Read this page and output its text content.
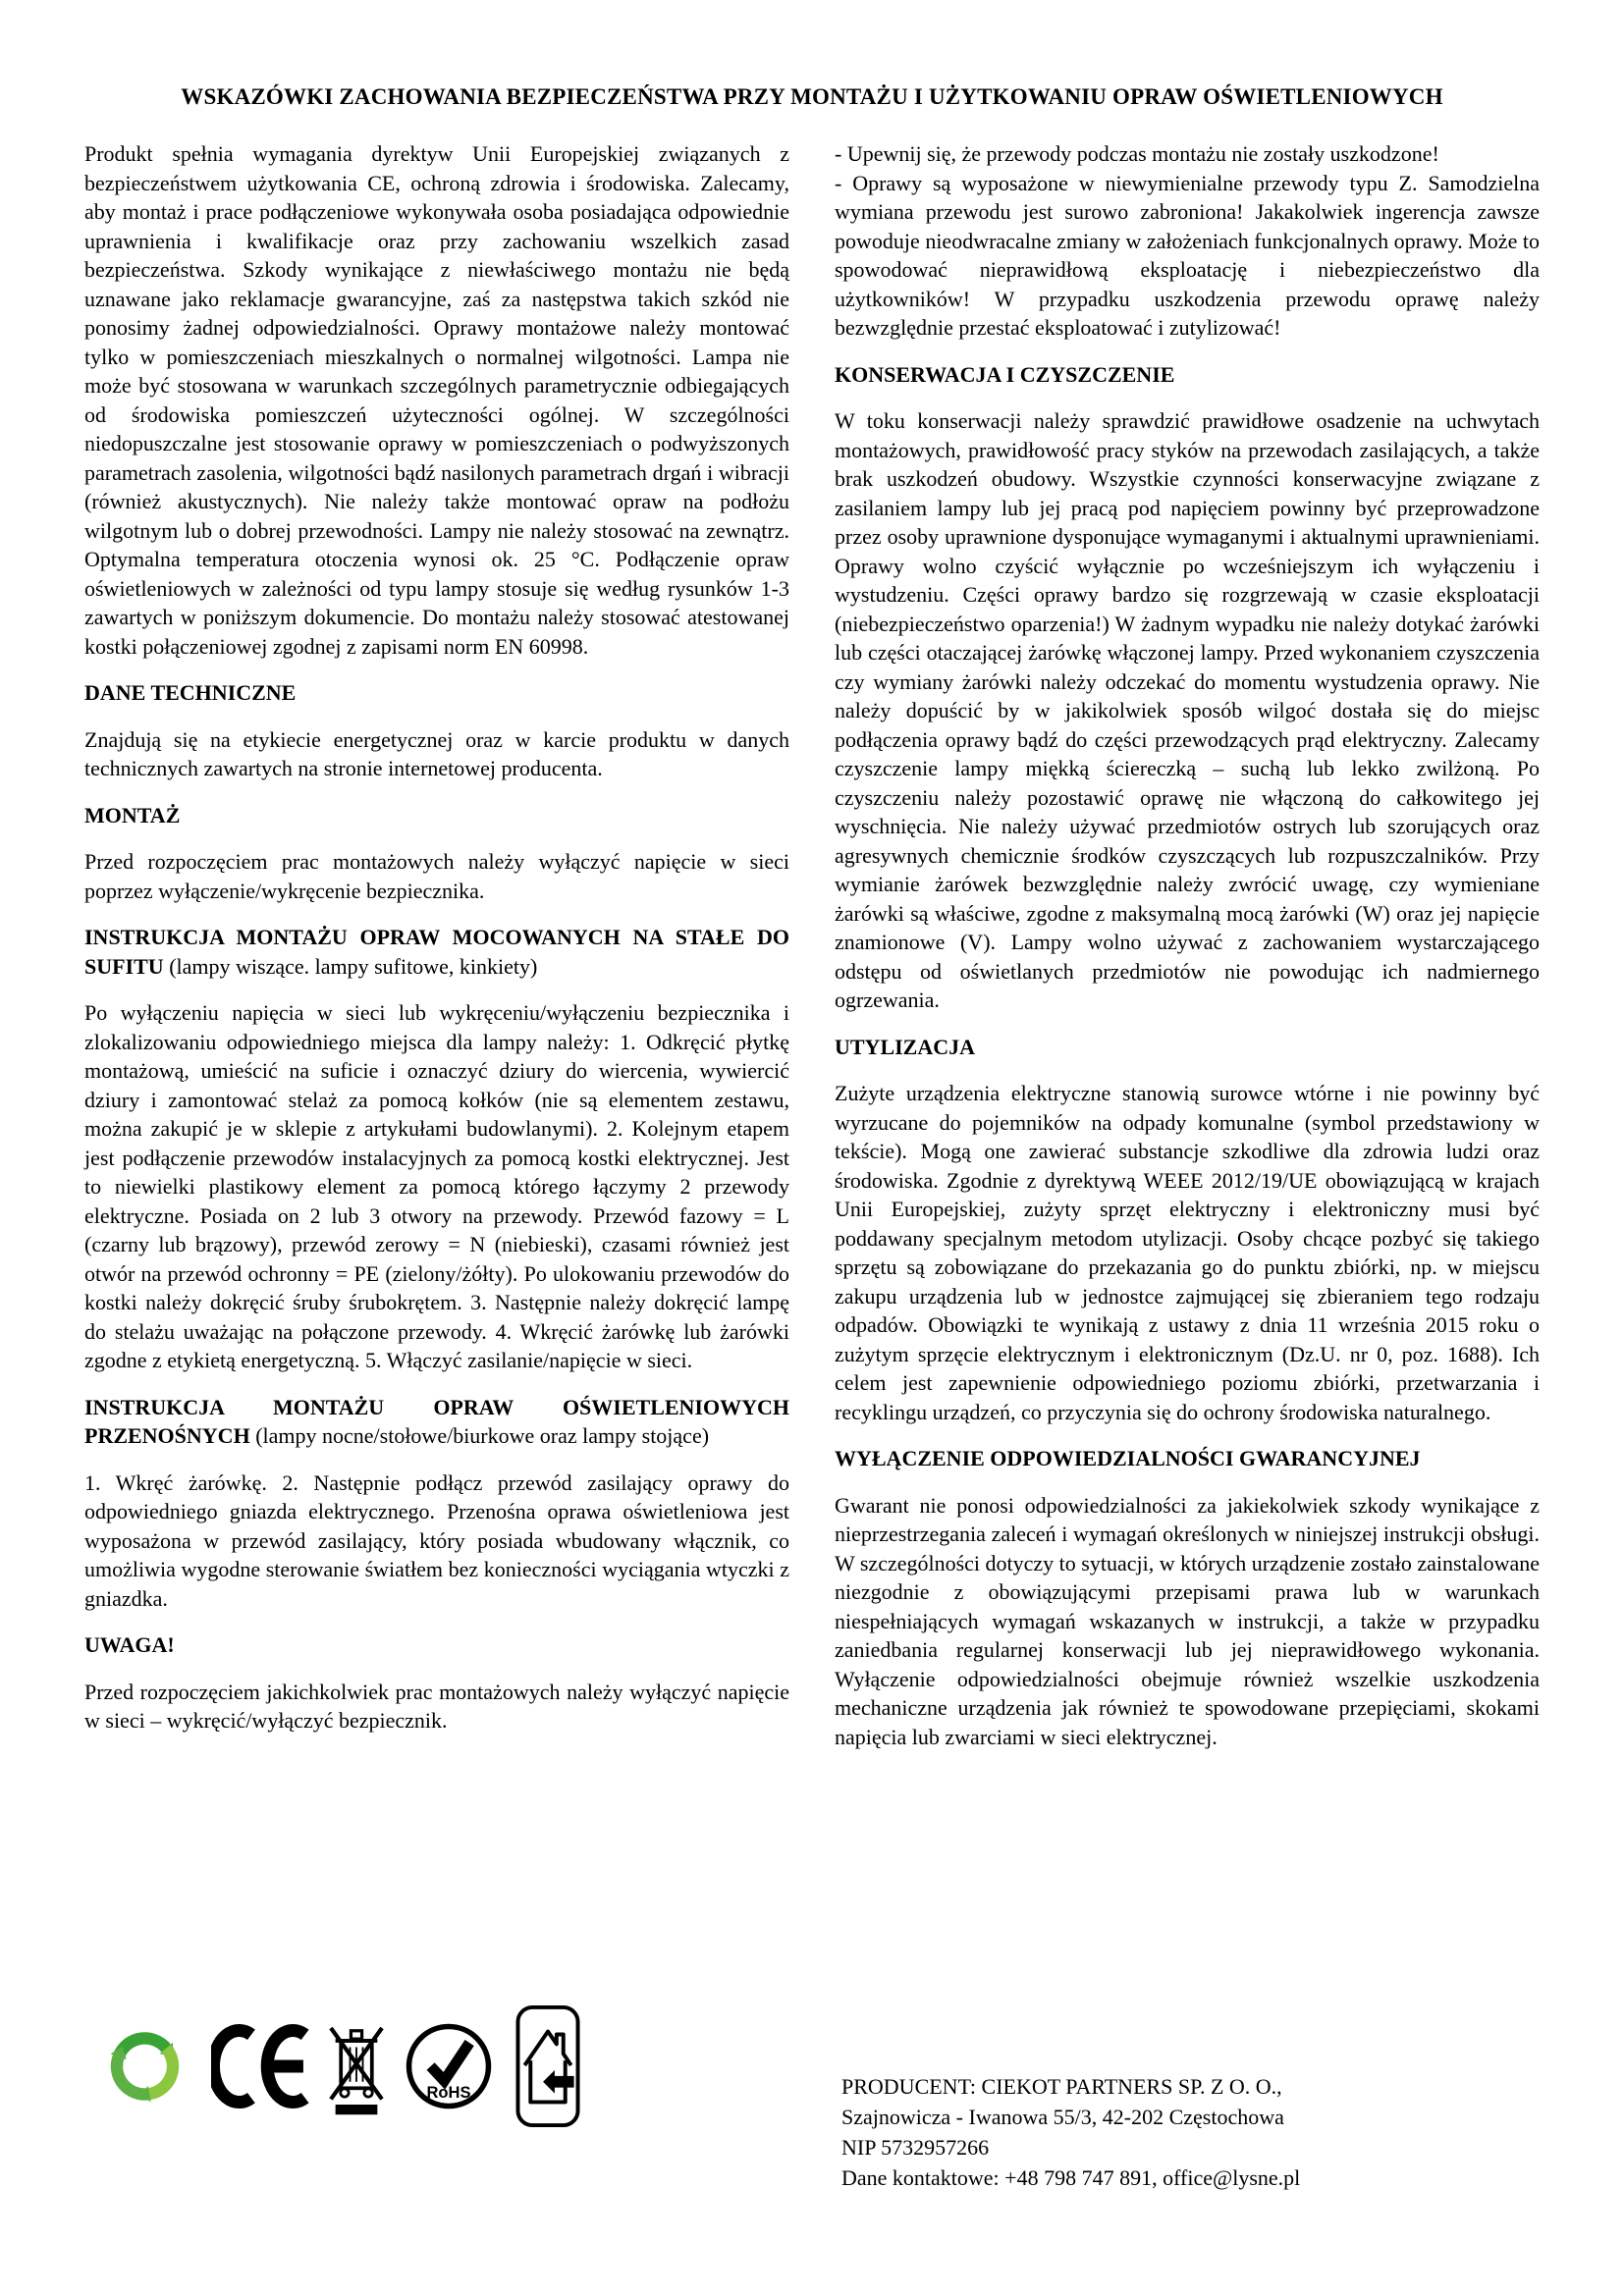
WSKAZÓWKI ZACHOWANIA BEZPIECZEŃSTWA PRZY MONTAŻU I UŻYTKOWANIU OPRAW OŚWIETLENIOWYCH

Produkt spełnia wymagania dyrektyw Unii Europejskiej związanych z bezpieczeństwem użytkowania CE, ochroną zdrowia i środowiska. Zalecamy, aby montaż i prace podłączeniowe wykonywała osoba posiadająca odpowiednie uprawnienia i kwalifikacje oraz przy zachowaniu wszelkich zasad bezpieczeństwa. Szkody wynikające z niewłaściwego montażu nie będą uznawane jako reklamacje gwarancyjne, zaś za następstwa takich szkód nie ponosimy żadnej odpowiedzialności. Oprawy montażowe należy montować tylko w pomieszczeniach mieszkalnych o normalnej wilgotności. Lampa nie może być stosowana w warunkach szczególnych parametrycznie odbiegających od środowiska pomieszczeń użyteczności ogólnej. W szczególności niedopuszczalne jest stosowanie oprawy w pomieszczeniach o podwyższonych parametrach zasolenia, wilgotności bądź nasilonych parametrach drgań i wibracji (również akustycznych). Nie należy także montować opraw na podłożu wilgotnym lub o dobrej przewodności. Lampy nie należy stosować na zewnątrz. Optymalna temperatura otoczenia wynosi ok. 25 °C. Podłączenie opraw oświetleniowych w zależności od typu lampy stosuje się według rysunków 1-3 zawartych w poniższym dokumencie. Do montażu należy stosować atestowanej kostki połączeniowej zgodnej z zapisami norm EN 60998.

DANE TECHNICZNE

Znajdują się na etykiecie energetycznej oraz w karcie produktu w danych technicznych zawartych na stronie internetowej producenta.

MONTAŻ

Przed rozpoczęciem prac montażowych należy wyłączyć napięcie w sieci poprzez wyłączenie/wykręcenie bezpiecznika.

INSTRUKCJA MONTAŻU OPRAW MOCOWANYCH NA STAŁE DO SUFITU (lampy wiszące. lampy sufitowe, kinkiety)

Po wyłączeniu napięcia w sieci lub wykręceniu/wyłączeniu bezpiecznika i zlokalizowaniu odpowiedniego miejsca dla lampy należy: 1. Odkręcić płytkę montażową, umieścić na suficie i oznaczyć dziury do wiercenia, wywiercić dziury i zamontować stelaż za pomocą kołków (nie są elementem zestawu, można zakupić je w sklepie z artykułami budowlanymi). 2. Kolejnym etapem jest podłączenie przewodów instalacyjnych za pomocą kostki elektrycznej. Jest to niewielki plastikowy element za pomocą którego łączymy 2 przewody elektryczne. Posiada on 2 lub 3 otwory na przewody. Przewód fazowy = L (czarny lub brązowy), przewód zerowy = N (niebieski), czasami również jest otwór na przewód ochronny = PE (zielony/żółty). Po ulokowaniu przewodów do kostki należy dokręcić śruby śrubokrętem. 3. Następnie należy dokręcić lampę do stelażu uważając na połączone przewody. 4. Wkręcić żarówkę lub żarówki zgodne z etykietą energetyczną. 5. Włączyć zasilanie/napięcie w sieci.

INSTRUKCJA MONTAŻU OPRAW OŚWIETLENIOWYCH PRZENOŚNYCH (lampy nocne/stołowe/biurkowe oraz lampy stojące)

1. Wkręć żarówkę. 2. Następnie podłącz przewód zasilający oprawy do odpowiedniego gniazda elektrycznego. Przenośna oprawa oświetleniowa jest wyposażona w przewód zasilający, który posiada wbudowany włącznik, co umożliwia wygodne sterowanie światłem bez konieczności wyciągania wtyczki z gniazdka.

UWAGA!

Przed rozpoczęciem jakichkolwiek prac montażowych należy wyłączyć napięcie w sieci – wykręcić/wyłączyć bezpiecznik.

- Upewnij się, że przewody podczas montażu nie zostały uszkodzone!

- Oprawy są wyposażone w niewymienialne przewody typu Z. Samodzielna wymiana przewodu jest surowo zabroniona! Jakakolwiek ingerencja zawsze powoduje nieodwracalne zmiany w założeniach funkcjonalnych oprawy. Może to spowodować nieprawidłową eksploatację i niebezpieczeństwo dla użytkowników! W przypadku uszkodzenia przewodu oprawę należy bezwzględnie przestać eksploatować i zutylizować!

KONSERWACJA I CZYSZCZENIE

W toku konserwacji należy sprawdzić prawidłowe osadzenie na uchwytach montażowych, prawidłowość pracy styków na przewodach zasilających, a także brak uszkodzeń obudowy. Wszystkie czynności konserwacyjne związane z zasilaniem lampy lub jej pracą pod napięciem powinny być przeprowadzone przez osoby uprawnione dysponujące wymaganymi i aktualnymi uprawnieniami. Oprawy wolno czyścić wyłącznie po wcześniejszym ich wyłączeniu i wystudzeniu. Części oprawy bardzo się rozgrzewają w czasie eksploatacji (niebezpieczeństwo oparzenia!) W żadnym wypadku nie należy dotykać żarówki lub części otaczającej żarówkę włączonej lampy. Przed wykonaniem czyszczenia czy wymiany żarówki należy odczekać do momentu wystudzenia oprawy. Nie należy dopuścić by w jakikolwiek sposób wilgoć dostała się do miejsc podłączenia oprawy bądź do części przewodzących prąd elektryczny. Zalecamy czyszczenie lampy miękką ściereczką – suchą lub lekko zwilżoną. Po czyszczeniu należy pozostawić oprawę nie włączoną do całkowitego jej wyschnięcia. Nie należy używać przedmiotów ostrych lub szorujących oraz agresywnych chemicznie środków czyszczących lub rozpuszczalników. Przy wymianie żarówek bezwzględnie należy zwrócić uwagę, czy wymieniane żarówki są właściwe, zgodne z maksymalną mocą żarówki (W) oraz jej napięcie znamionowe (V). Lampy wolno używać z zachowaniem wystarczającego odstępu od oświetlanych przedmiotów nie powodując ich nadmiernego ogrzewania.

UTYLIZACJA

Zużyte urządzenia elektryczne stanowią surowce wtórne i nie powinny być wyrzucane do pojemników na odpady komunalne (symbol przedstawiony w tekście). Mogą one zawierać substancje szkodliwe dla zdrowia ludzi oraz środowiska. Zgodnie z dyrektywą WEEE 2012/19/UE obowiązującą w krajach Unii Europejskiej, zużyty sprzęt elektryczny i elektroniczny musi być poddawany specjalnym metodom utylizacji. Osoby chcące pozbyć się takiego sprzętu są zobowiązane do przekazania go do punktu zbiórki, np. w miejscu zakupu urządzenia lub w jednostce zajmującej się zbieraniem tego rodzaju odpadów. Obowiązki te wynikają z ustawy z dnia 11 września 2015 roku o zużytym sprzęcie elektrycznym i elektronicznym (Dz.U. nr 0, poz. 1688). Ich celem jest zapewnienie odpowiedniego poziomu zbiórki, przetwarzania i recyklingu urządzeń, co przyczynia się do ochrony środowiska naturalnego.

WYŁĄCZENIE ODPOWIEDZIALNOŚCI GWARANCYJNEJ

Gwarant nie ponosi odpowiedzialności za jakiekolwiek szkody wynikające z nieprzestrzegania zaleceń i wymagań określonych w niniejszej instrukcji obsługi. W szczególności dotyczy to sytuacji, w których urządzenie zostało zainstalowane niezgodnie z obowiązującymi przepisami prawa lub w warunkach niespełniających wymagań wskazanych w instrukcji, a także w przypadku zaniedbania regularnej konserwacji lub jej nieprawidłowego wykonania. Wyłączenie odpowiedzialności obejmuje również wszelkie uszkodzenia mechaniczne urządzenia jak również te spowodowane przepięciami, skokami napięcia lub zwarciami w sieci elektrycznej.

RoHS	PRODUCENT: CIEKOT PARTNERS SP. Z O. O.,
Szajnowicza - Iwanowa 55/3, 42-202 Częstochowa
NIP 5732957266
Dane kontaktowe: +48 798 747 891, office@lysne.pl
